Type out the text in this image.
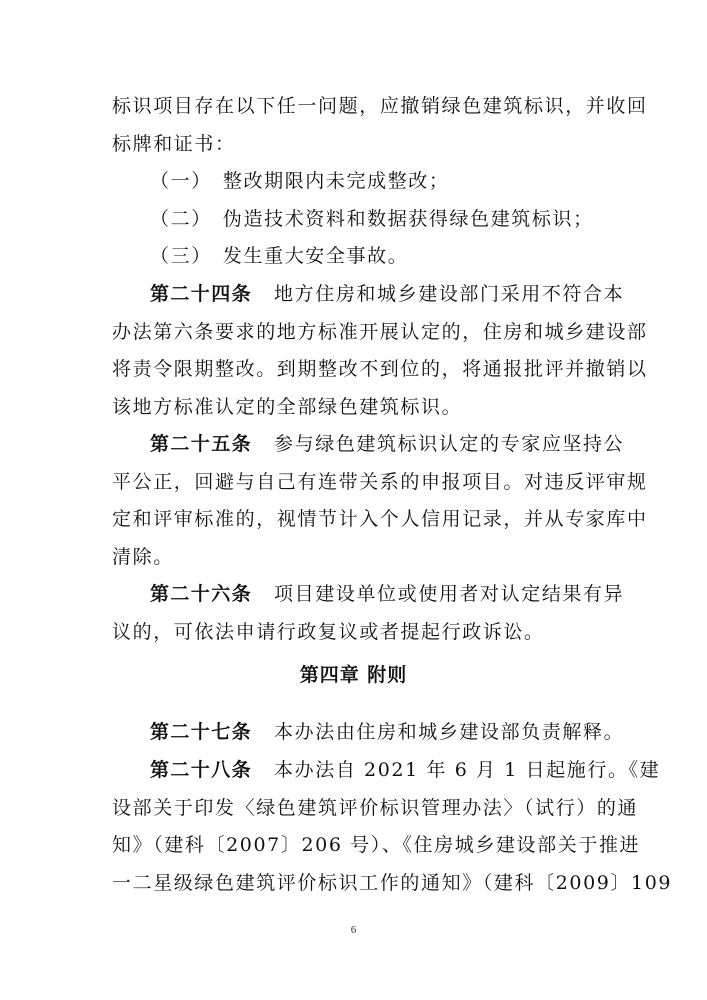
标识项目存在以下任一问题，应撤销绿色建筑标识，并收回
标牌和证书：
（一）　整改期限内未完成整改；
（二）　伪造技术资料和数据获得绿色建筑标识；
（三）　发生重大安全事故。
第二十四条 地方住房和城乡建设部门采用不符合本
办法第六条要求的地方标准开展认定的，住房和城乡建设部
将责令限期整改。到期整改不到位的，将通报批评并撤销以
该地方标准认定的全部绿色建筑标识。
第二十五条 参与绿色建筑标识认定的专家应坚持公
平公正，回避与自己有连带关系的申报项目。对违反评审规
定和评审标准的，视情节计入个人信用记录，并从专家库中
清除。
第二十六条 项目建设单位或使用者对认定结果有异
议的，可依法申请行政复议或者提起行政诉讼。
第四章 附则
第二十七条 本办法由住房和城乡建设部负责解释。
第二十八条 本办法自 2021 年 6 月 1 日起施行。《建
设部关于印发〈绿色建筑评价标识管理办法〉（试行）的通
知》（建科〔2007〕206 号）、《住房城乡建设部关于推进
一二星级绿色建筑评价标识工作的通知》（建科〔2009〕109
6
